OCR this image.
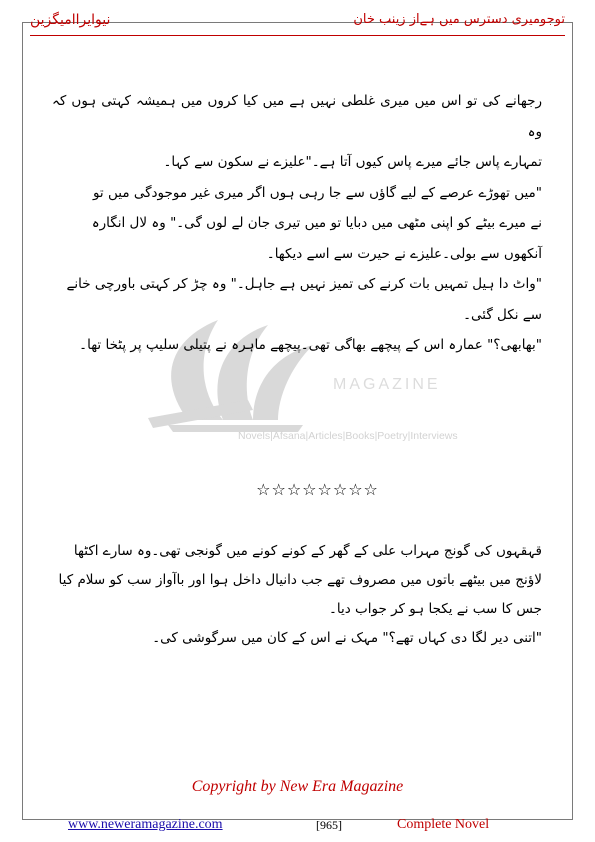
نیوایراامیگزین	توجومیری دسترس میں ہےاز زینب خان
MAGAZINE
Novels|Afsana|Articles|Books|Poetry|Interviews

رجھانے کی تو اس میں میری غلطی نہیں ہے میں کیا کروں میں ہمیشہ کہتی ہوں کہ وہ

تمہارے پاس جائے میرے پاس کیوں آتا ہے۔"علیزے نے سکون سے کہا۔

"میں تھوڑے عرصے کے لیے گاؤں سے جا رہی ہوں اگر میری غیر موجودگی میں تو

نے میرے بیٹے کو اپنی مٹھی میں دبایا تو میں تیری جان لے لوں گی۔" وہ لال انگارہ

آنکھوں سے بولی۔علیزے نے حیرت سے اسے دیکھا۔

"واٹ دا ہیل تمہیں بات کرنے کی تمیز نہیں ہے جاہل۔" وہ چڑ کر کہتی باورچی خانے

سے نکل گئی۔

"بھابھی؟" عمارہ اس کے پیچھے بھاگی تھی۔پیچھے ماہرہ نے پتیلی سلیپ پر پٹخا تھا۔

☆☆☆☆☆☆☆☆

قہقہوں کی گونج مہراب علی کے گھر کے کونے کونے میں گونجی تھی۔وہ سارے اکٹھا

لاؤنج میں بیٹھے باتوں میں مصروف تھے جب دانیال داخل ہوا اور باآواز سب کو سلام کیا

جس کا سب نے یکجا ہو کر جواب دیا۔

"اتنی دیر لگا دی کہاں تھے؟" مہک نے اس کے کان میں سرگوشی کی۔

Copyright by New Era Magazine
www.neweramagazine.com	[965]	Complete Novel
